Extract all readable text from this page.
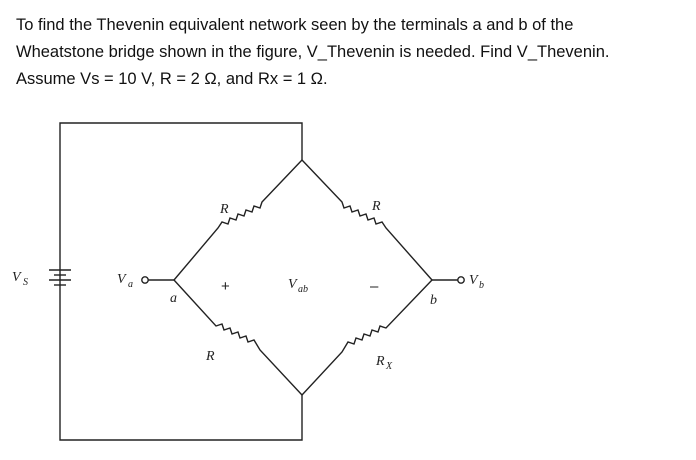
To find the Thevenin equivalent network seen by the terminals a and b of the
Wheatstone bridge shown in the figure, V_Thevenin is needed. Find V_Thevenin.
Assume Vs = 10 V, R = 2 Ω, and Rx = 1 Ω.
V S	V a
a
V b
b
R	R
R	R X
+	V ab	–
